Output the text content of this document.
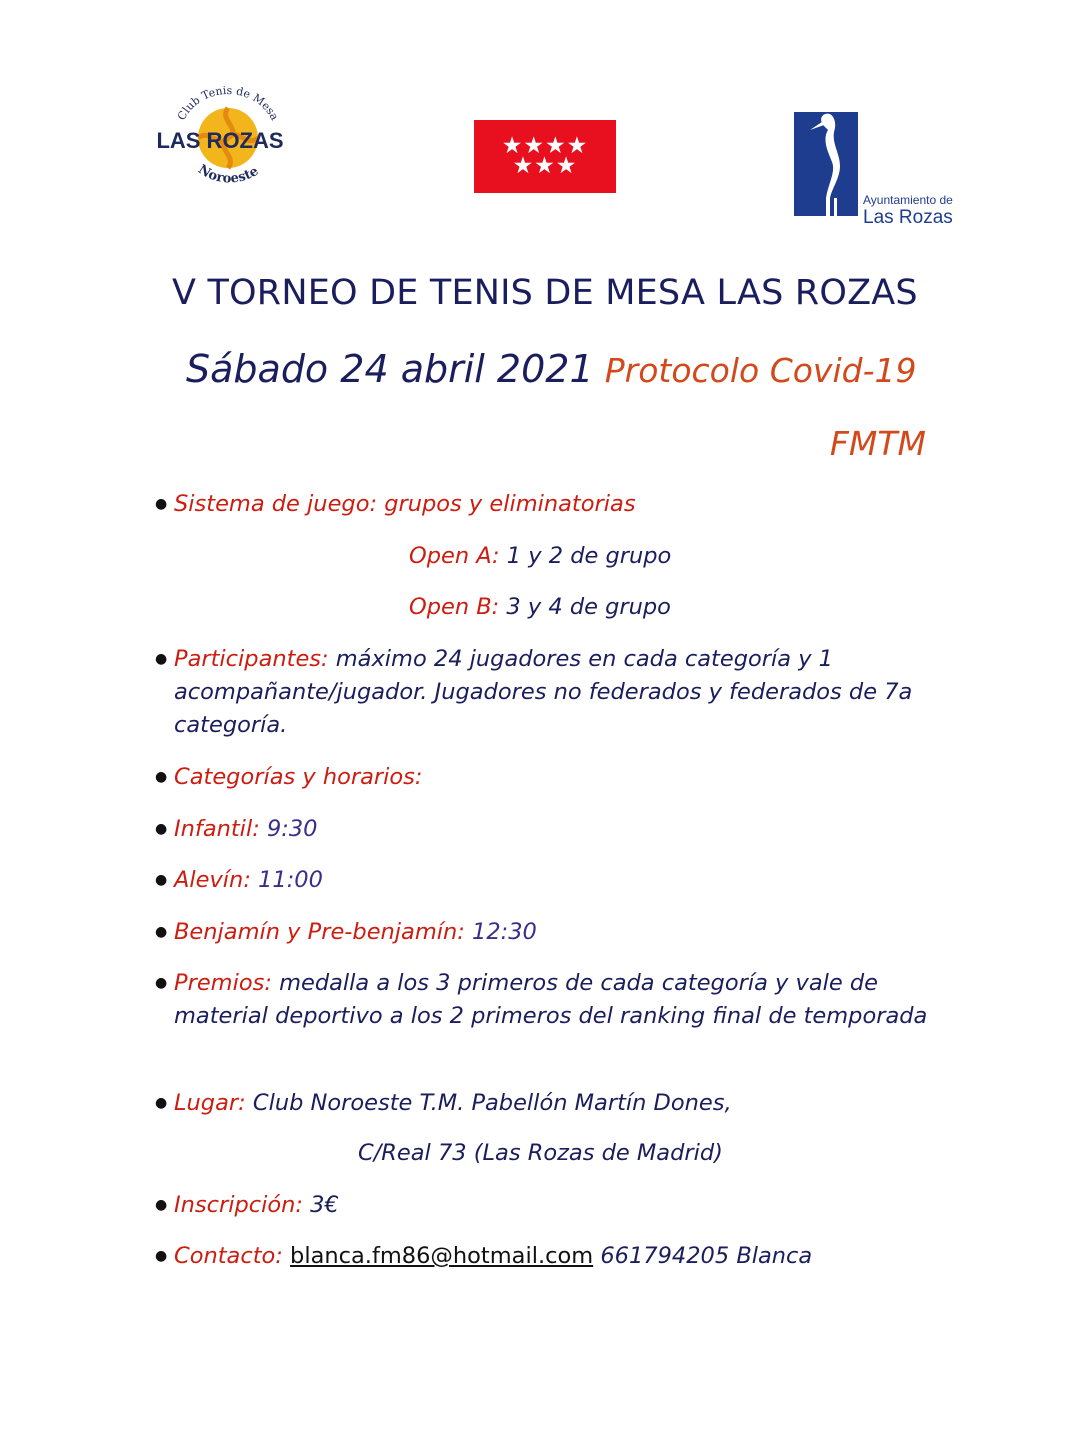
Club Tenis de Mesa
LAS ROZAS
Noroeste
★★★★
★★★
Ayuntamiento de
Las Rozas
V TORNEO DE TENIS DE MESA LAS ROZAS
Sábado 24 abril 2021 Protocolo Covid-19
FMTM
● Sistema de juego: grupos y eliminatorias
Open A: 1 y 2 de grupo
Open B: 3 y 4 de grupo
● Participantes: máximo 24 jugadores en cada categoría y 1 acompañante/jugador. Jugadores no federados y federados de 7a categoría.
● Categorías y horarios:
● Infantil: 9:30
● Alevín: 11:00
● Benjamín y Pre-benjamín: 12:30
● Premios: medalla a los 3 primeros de cada categoría y vale de material deportivo a los 2 primeros del ranking final de temporada
● Lugar: Club Noroeste T.M. Pabellón Martín Dones,
C/Real 73 (Las Rozas de Madrid)
● Inscripción: 3€
● Contacto: blanca.fm86@hotmail.com 661794205 Blanca
